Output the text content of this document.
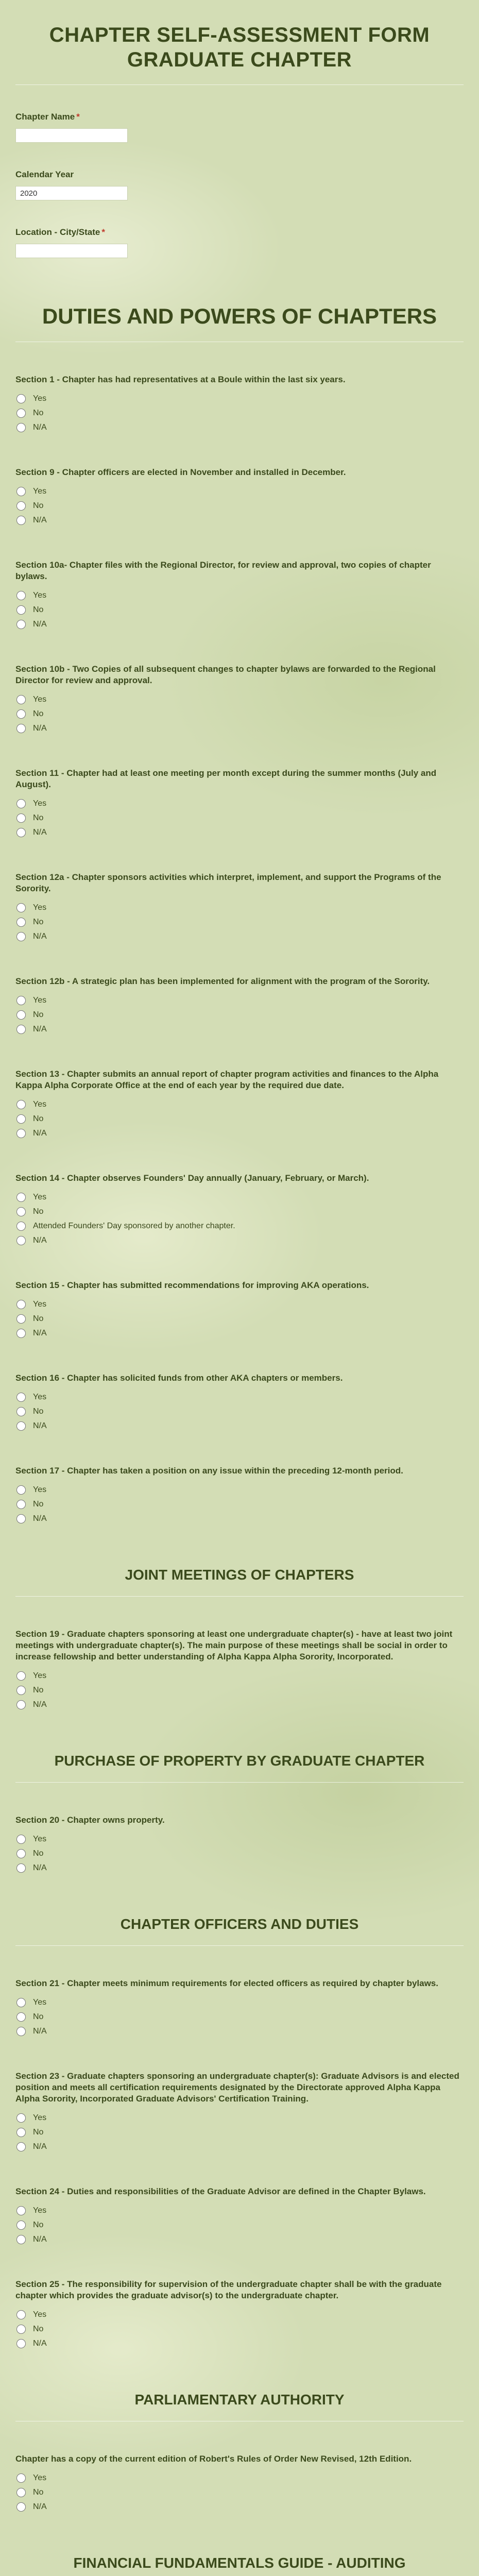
CHAPTER SELF-ASSESSMENT FORM GRADUATE CHAPTER
Chapter Name *
Calendar Year
2020
Location - City/State *
DUTIES AND POWERS OF CHAPTERS
Section 1 - Chapter has had representatives at a Boule within the last six years.
Yes
No
N/A
Section 9 - Chapter officers are elected in November and installed in December.
Yes
No
N/A
Section 10a- Chapter files with the Regional Director, for review and approval, two copies of chapter bylaws.
Yes
No
N/A
Section 10b - Two Copies of all subsequent changes to chapter bylaws are forwarded to the Regional Director for review and approval.
Yes
No
N/A
Section 11 - Chapter had at least one meeting per month except during the summer months (July and August).
Yes
No
N/A
Section 12a - Chapter sponsors activities which interpret, implement, and support the Programs of the Sorority.
Yes
No
N/A
Section 12b - A strategic plan has been implemented for alignment with the program of the Sorority.
Yes
No
N/A
Section 13 - Chapter submits an annual report of chapter program activities and finances to the Alpha Kappa Alpha Corporate Office at the end of each year by the required due date.
Yes
No
N/A
Section 14 - Chapter observes Founders' Day annually (January, February, or March).
Yes
No
Attended Founders' Day sponsored by another chapter.
N/A
Section 15 - Chapter has submitted recommendations for improving AKA operations.
Yes
No
N/A
Section 16 - Chapter has solicited funds from other AKA chapters or members.
Yes
No
N/A
Section 17 - Chapter has taken a position on any issue within the preceding 12-month period.
Yes
No
N/A
JOINT MEETINGS OF CHAPTERS
Section 19 - Graduate chapters sponsoring at least one undergraduate chapter(s) - have at least two joint meetings with undergraduate chapter(s). The main purpose of these meetings shall be social in order to increase fellowship and better understanding of Alpha Kappa Alpha Sorority, Incorporated.
Yes
No
N/A
PURCHASE OF PROPERTY BY GRADUATE CHAPTER
Section 20 - Chapter owns property.
Yes
No
N/A
CHAPTER OFFICERS AND DUTIES
Section 21 - Chapter meets minimum requirements for elected officers as required by chapter bylaws.
Yes
No
N/A
Section 23 - Graduate chapters sponsoring an undergraduate chapter(s): Graduate Advisors is and elected position and meets all certification requirements designated by the Directorate approved Alpha Kappa Alpha Sorority, Incorporated Graduate Advisors' Certification Training.
Yes
No
N/A
Section 24 - Duties and responsibilities of the Graduate Advisor are defined in the Chapter Bylaws.
Yes
No
N/A
Section 25 - The responsibility for supervision of the undergraduate chapter shall be with the graduate chapter which provides the graduate advisor(s) to the undergraduate chapter.
Yes
No
N/A
PARLIAMENTARY AUTHORITY
Chapter has a copy of the current edition of Robert's Rules of Order New Revised, 12th Edition.
Yes
No
N/A
FINANCIAL FUNDAMENTALS GUIDE - AUDITING
